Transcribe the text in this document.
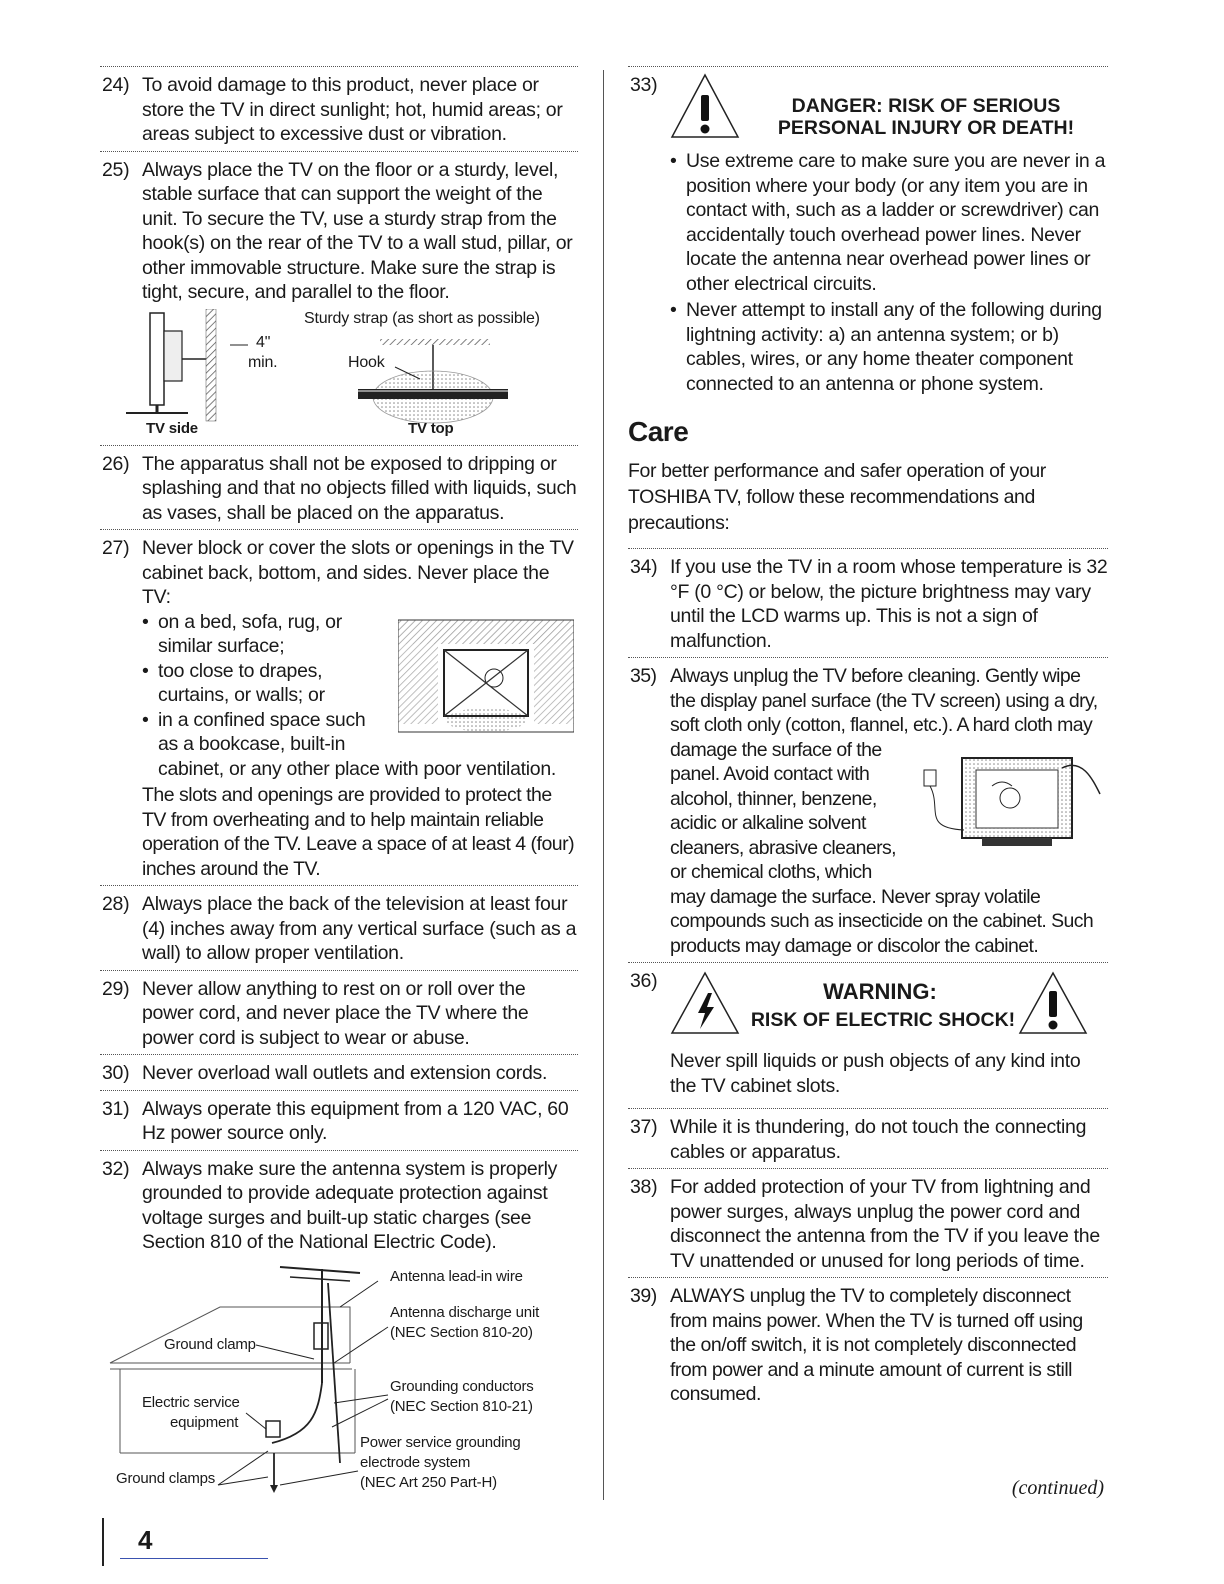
24) To avoid damage to this product, never place or store the TV in direct sunlight; hot, humid areas; or areas subject to excessive dust or vibration.
25) Always place the TV on the floor or a sturdy, level, stable surface that can support the weight of the unit. To secure the TV, use a sturdy strap from the hook(s) on the rear of the TV to a wall stud, pillar, or other immovable structure. Make sure the strap is tight, secure, and parallel to the floor.
Sturdy strap (as short as possible)
4"
min.	Hook
TV side	TV top
26) The apparatus shall not be exposed to dripping or splashing and that no objects filled with liquids, such as vases, shall be placed on the apparatus.
27) Never block or cover the slots or openings in the TV cabinet back, bottom, and sides. Never place the TV:

• on a bed, sofa, rug, or similar surface;

• too close to drapes, curtains, or walls; or

• in a confined space such as a bookcase, built-in

cabinet, or any other place with poor ventilation.
The slots and openings are provided to protect the TV from overheating and to help maintain reliable operation of the TV. Leave a space of at least 4 (four) inches around the TV.
28) Always place the back of the television at least four (4) inches away from any vertical surface (such as a wall) to allow proper ventilation.
29) Never allow anything to rest on or roll over the power cord, and never place the TV where the power cord is subject to wear or abuse.
30) Never overload wall outlets and extension cords.
31) Always operate this equipment from a 120 VAC, 60 Hz power source only.
32) Always make sure the antenna system is properly grounded to provide adequate protection against voltage surges and built-up static charges (see Section 810 of the National Electric Code).
Antenna lead-in wire
Antenna discharge unit
(NEC Section 810-20)
Ground clamp
Grounding conductors
(NEC Section 810-21)
Electric service
equipment
Power service grounding
electrode system
(NEC Art 250 Part-H)
Ground clamps
33)
DANGER: RISK OF SERIOUS
PERSONAL INJURY OR DEATH!

• Use extreme care to make sure you are never in a position where your body (or any item you are in contact with, such as a ladder or screwdriver) can accidentally touch overhead power lines. Never locate the antenna near overhead power lines or other electrical circuits.

• Never attempt to install any of the following during lightning activity: a) an antenna system; or b) cables, wires, or any home theater component connected to an antenna or phone system.

Care
For better performance and safer operation of your TOSHIBA TV, follow these recommendations and precautions:
34) If you use the TV in a room whose temperature is 32 °F (0 °C) or below, the picture brightness may vary until the LCD warms up. This is not a sign of malfunction.
35) Always unplug the TV before cleaning. Gently wipe the display panel surface (the TV screen) using a dry, soft cloth only (cotton, flannel, etc.). A hard cloth may
damage the surface of the panel. Avoid contact with alcohol, thinner, benzene, acidic or alkaline solvent cleaners, abrasive cleaners, or chemical cloths, which
may damage the surface. Never spray volatile compounds such as insecticide on the cabinet. Such products may damage or discolor the cabinet.
36)	WARNING:
RISK OF ELECTRIC SHOCK!
Never spill liquids or push objects of any kind into the TV cabinet slots.
37) While it is thundering, do not touch the connecting cables or apparatus.
38) For added protection of your TV from lightning and power surges, always unplug the power cord and disconnect the antenna from the TV if you leave the TV unattended or unused for long periods of time.
39) ALWAYS unplug the TV to completely disconnect from mains power. When the TV is turned off using the on/off switch, it is not completely disconnected from power and a minute amount of current is still consumed.
(continued)
4
